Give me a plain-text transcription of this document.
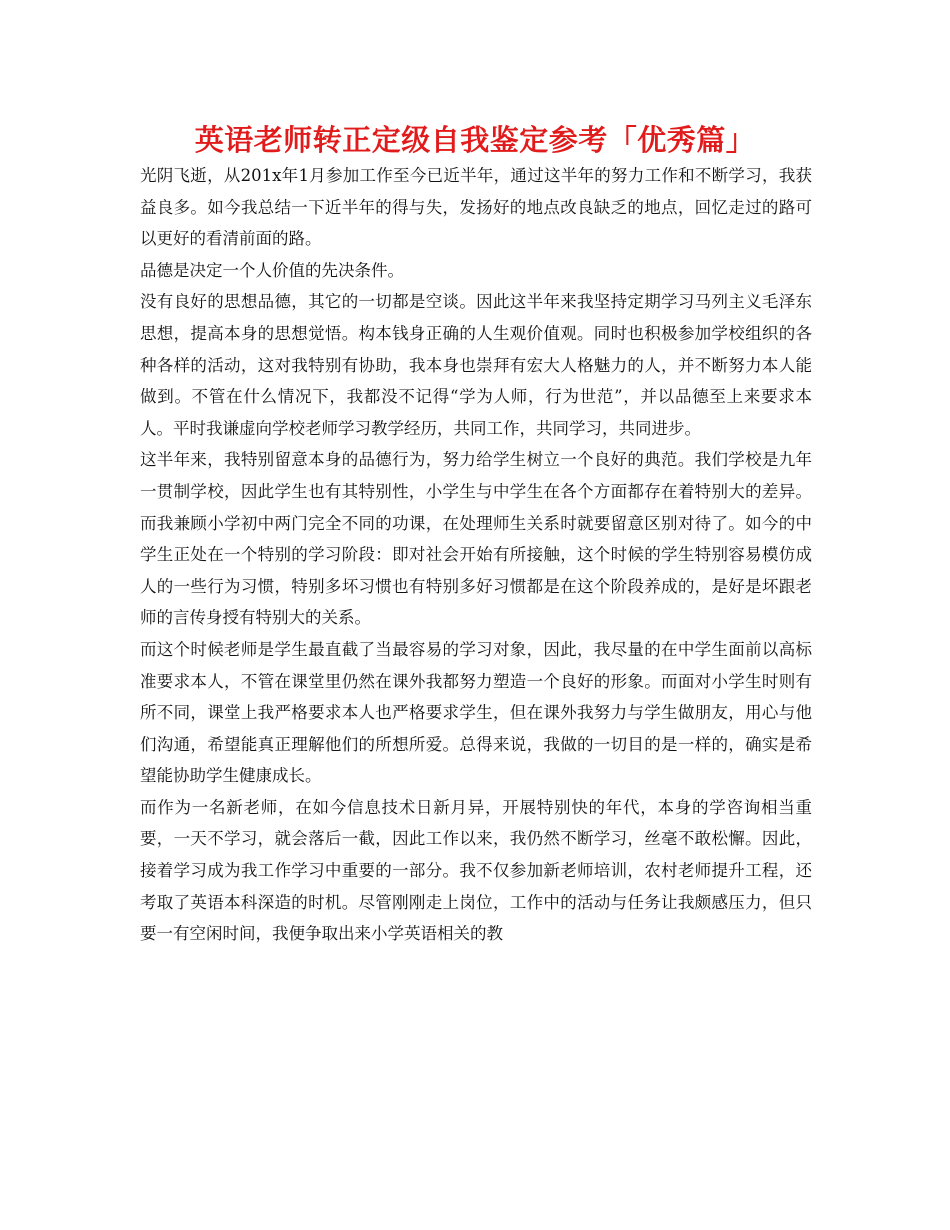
英语老师转正定级自我鉴定参考「优秀篇」

光阴飞逝，从201x年1月参加工作至今已近半年，通过这半年的努力工作和不断学习，我获益良多。如今我总结一下近半年的得与失，发扬好的地点改良缺乏的地点，回忆走过的路可以更好的看清前面的路。

品德是决定一个人价值的先决条件。

没有良好的思想品德，其它的一切都是空谈。因此这半年来我坚持定期学习马列主义毛泽东思想，提高本身的思想觉悟。构本钱身正确的人生观价值观。同时也积极参加学校组织的各种各样的活动，这对我特别有协助，我本身也崇拜有宏大人格魅力的人，并不断努力本人能做到。不管在什么情况下，我都没不记得“学为人师，行为世范”，并以品德至上来要求本人。平时我谦虚向学校老师学习教学经历，共同工作，共同学习，共同进步。

这半年来，我特别留意本身的品德行为，努力给学生树立一个良好的典范。我们学校是九年一贯制学校，因此学生也有其特别性，小学生与中学生在各个方面都存在着特别大的差异。而我兼顾小学初中两门完全不同的功课，在处理师生关系时就要留意区别对待了。如今的中学生正处在一个特别的学习阶段：即对社会开始有所接触，这个时候的学生特别容易模仿成人的一些行为习惯，特别多坏习惯也有特别多好习惯都是在这个阶段养成的，是好是坏跟老师的言传身授有特别大的关系。

而这个时候老师是学生最直截了当最容易的学习对象，因此，我尽量的在中学生面前以高标准要求本人，不管在课堂里仍然在课外我都努力塑造一个良好的形象。而面对小学生时则有所不同，课堂上我严格要求本人也严格要求学生，但在课外我努力与学生做朋友，用心与他们沟通，希望能真正理解他们的所想所爱。总得来说，我做的一切目的是一样的，确实是希望能协助学生健康成长。

而作为一名新老师，在如今信息技术日新月异，开展特别快的年代，本身的学咨询相当重要，一天不学习，就会落后一截，因此工作以来，我仍然不断学习，丝毫不敢松懈。因此，接着学习成为我工作学习中重要的一部分。我不仅参加新老师培训，农村老师提升工程，还考取了英语本科深造的时机。尽管刚刚走上岗位，工作中的活动与任务让我颇感压力，但只要一有空闲时间，我便争取出来小学英语相关的教
